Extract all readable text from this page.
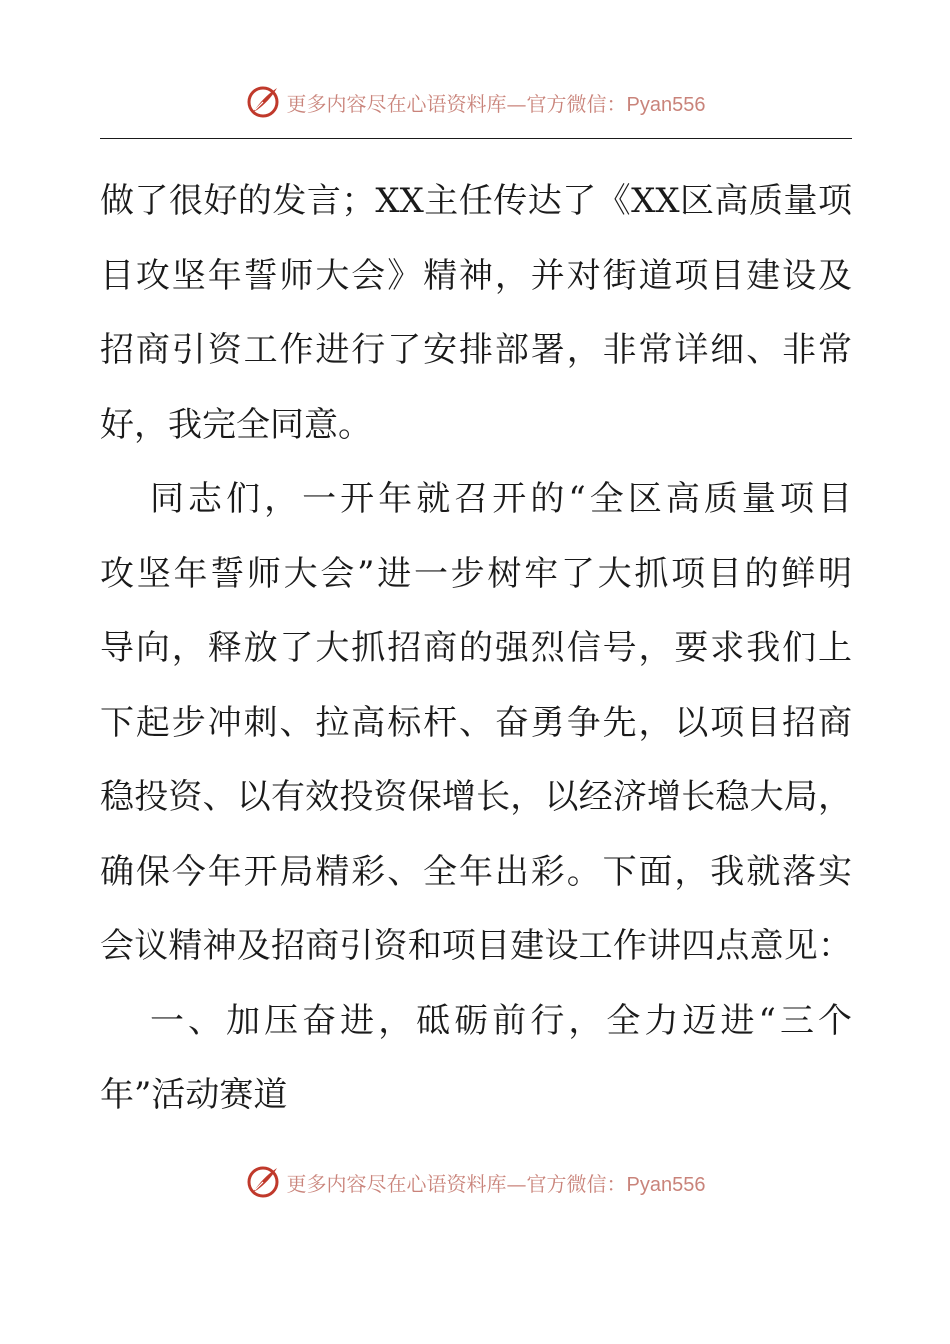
更多内容尽在心语资料库—官方微信：Pyan556
做了很好的发言；XX主任传达了《XX区高质量项
目攻坚年誓师大会》精神，并对街道项目建设及
招商引资工作进行了安排部署，非常详细、非常
好，我完全同意。
同志们，一开年就召开的“全区高质量项目
攻坚年誓师大会”进一步树牢了大抓项目的鲜明
导向，释放了大抓招商的强烈信号，要求我们上
下起步冲刺、拉高标杆、奋勇争先，以项目招商
稳投资、以有效投资保增长，以经济增长稳大局，
确保今年开局精彩、全年出彩。下面，我就落实
会议精神及招商引资和项目建设工作讲四点意见：
一、加压奋进，砥砺前行，全力迈进“三个
年”活动赛道
更多内容尽在心语资料库—官方微信：Pyan556
